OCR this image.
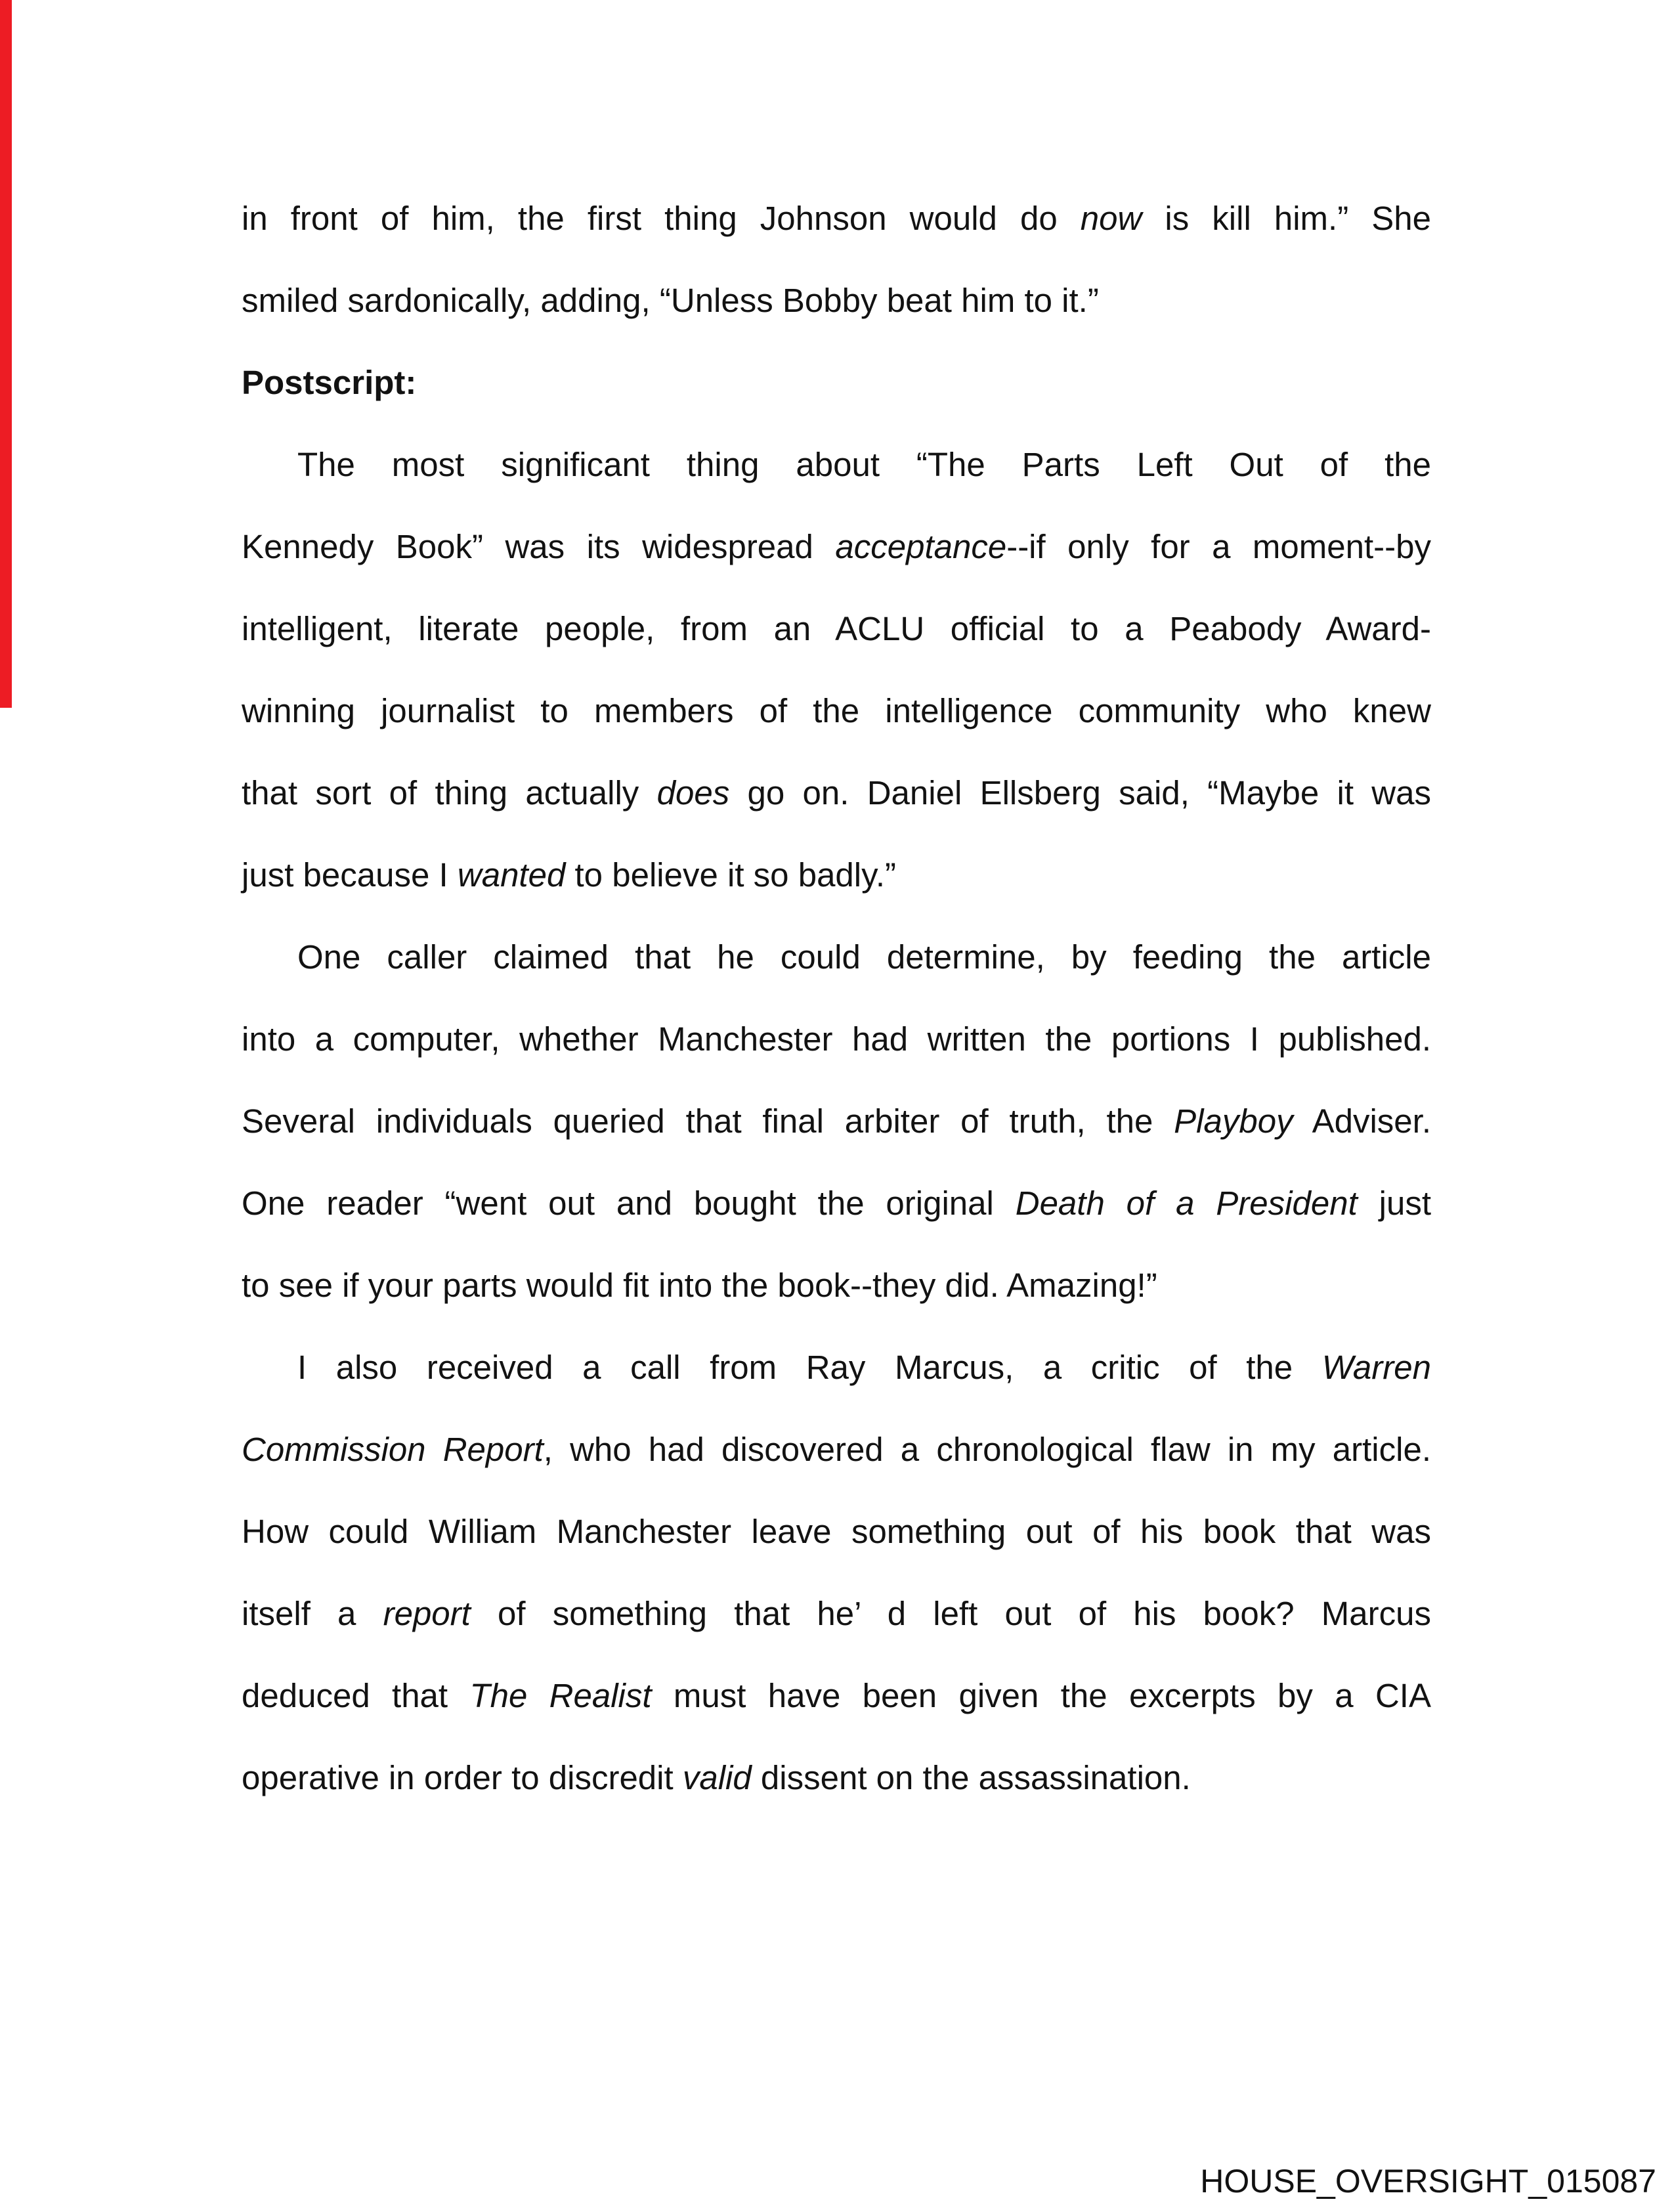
in front of him, the first thing Johnson would do now is kill him.” She
smiled sardonically, adding, “Unless Bobby beat him to it.”
Postscript:
The most significant thing about “The Parts Left Out of the
Kennedy Book” was its widespread acceptance--if only for a moment--by
intelligent, literate people, from an ACLU official to a Peabody Award-
winning journalist to members of the intelligence community who knew
that sort of thing actually does go on. Daniel Ellsberg said, “Maybe it was
just because I wanted to believe it so badly.”
One caller claimed that he could determine, by feeding the article
into a computer, whether Manchester had written the portions I published.
Several individuals queried that final arbiter of truth, the Playboy Adviser.
One reader “went out and bought the original Death of a President just
to see if your parts would fit into the book--they did. Amazing!”
I also received a call from Ray Marcus, a critic of the Warren
Commission Report, who had discovered a chronological flaw in my article.
How could William Manchester leave something out of his book that was
itself a report of something that he’ d left out of his book? Marcus
deduced that The Realist must have been given the excerpts by a CIA
operative in order to discredit valid dissent on the assassination.
HOUSE_OVERSIGHT_015087
